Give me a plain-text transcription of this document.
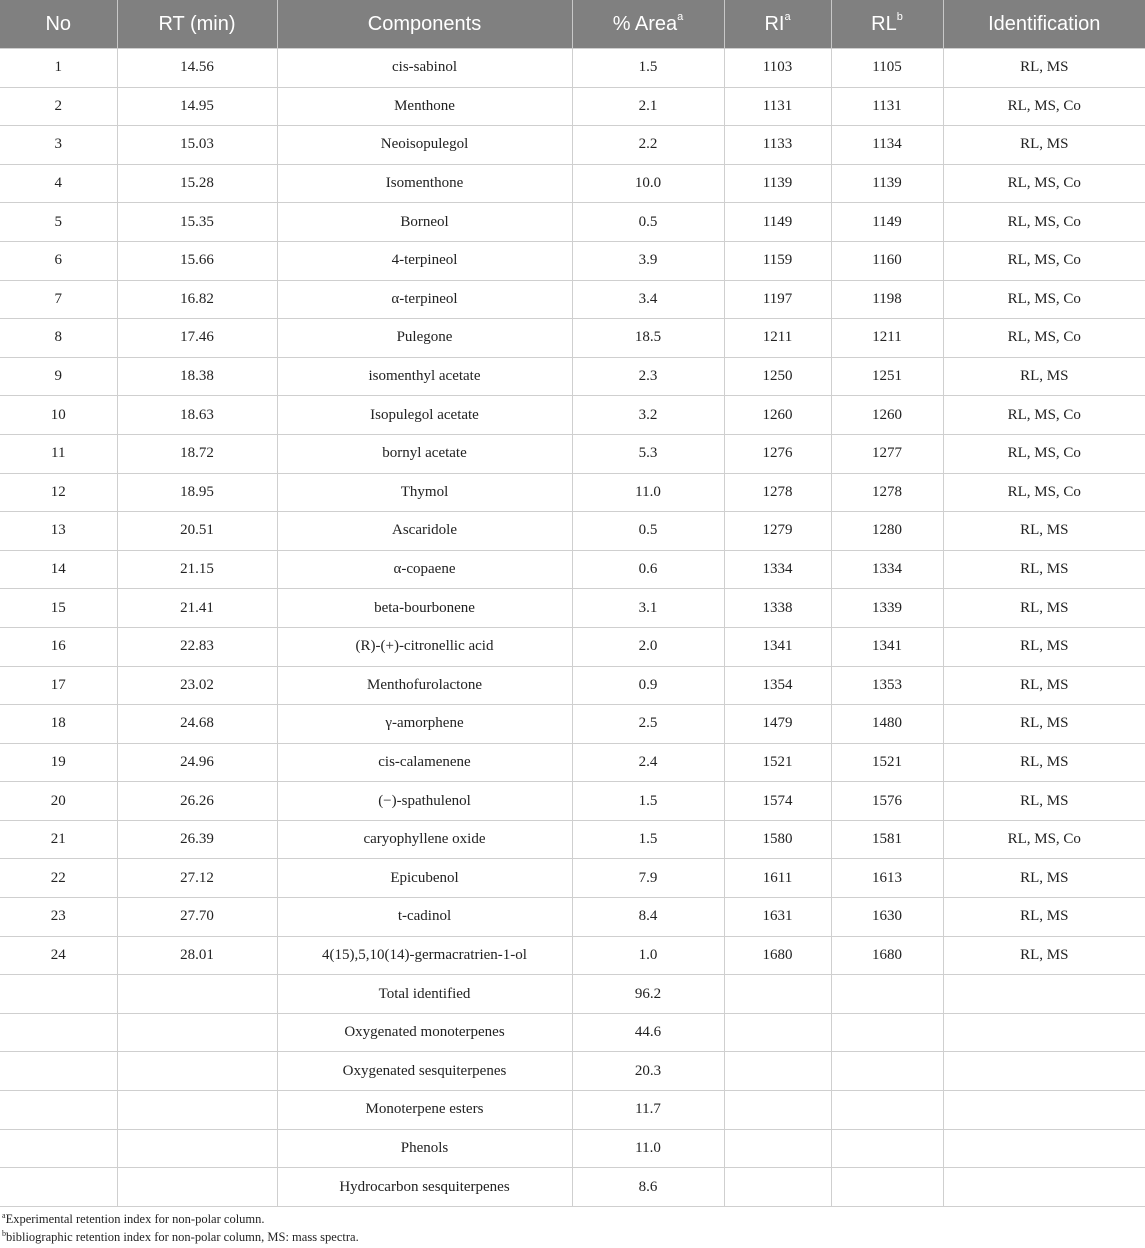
No	RT (min)	Components	% Area$^a$	$RI^a$	$RL^b$	Identification
1	14.56	cis-sabinol	1.5	1103	1105	RL, MS
2	14.95	Menthone	2.1	1131	1131	RL, MS, Co
3	15.03	Neoisopulegol	2.2	1133	1134	RL, MS
4	15.28	Isomenthone	10.0	1139	1139	RL, MS, Co
5	15.35	Borneol	0.5	1149	1149	RL, MS, Co
6	15.66	4-terpineol	3.9	1159	1160	RL, MS, Co
7	16.82	α-terpineol	3.4	1197	1198	RL, MS, Co
8	17.46	Pulegone	18.5	1211	1211	RL, MS, Co
9	18.38	isomenthyl acetate	2.3	1250	1251	RL, MS
10	18.63	Isopulegol acetate	3.2	1260	1260	RL, MS, Co
11	18.72	bornyl acetate	5.3	1276	1277	RL, MS, Co
12	18.95	Thymol	11.0	1278	1278	RL, MS, Co
13	20.51	Ascaridole	0.5	1279	1280	RL, MS
14	21.15	α-copaene	0.6	1334	1334	RL, MS
15	21.41	beta-bourbonene	3.1	1338	1339	RL, MS
16	22.83	(R)-(+)-citronellic acid	2.0	1341	1341	RL, MS
17	23.02	Menthofurolactone	0.9	1354	1353	RL, MS
18	24.68	γ-amorphene	2.5	1479	1480	RL, MS
19	24.96	cis-calamenene	2.4	1521	1521	RL, MS
20	26.26	(−)-spathulenol	1.5	1574	1576	RL, MS
21	26.39	caryophyllene oxide	1.5	1580	1581	RL, MS, Co
22	27.12	Epicubenol	7.9	1611	1613	RL, MS
23	27.70	t-cadinol	8.4	1631	1630	RL, MS
24	28.01	4(15),5,10(14)-germacratrien-1-ol	1.0	1680	1680	RL, MS
		Total identified	96.2			
		Oxygenated monoterpenes	44.6			
		Oxygenated sesquiterpenes	20.3			
		Monoterpene esters	11.7			
		Phenols	11.0			
		Hydrocarbon sesquiterpenes	8.6			
$^a$Experimental retention index for non-polar column.
$^b$bibliographic retention index for non-polar column, MS: mass spectra.
